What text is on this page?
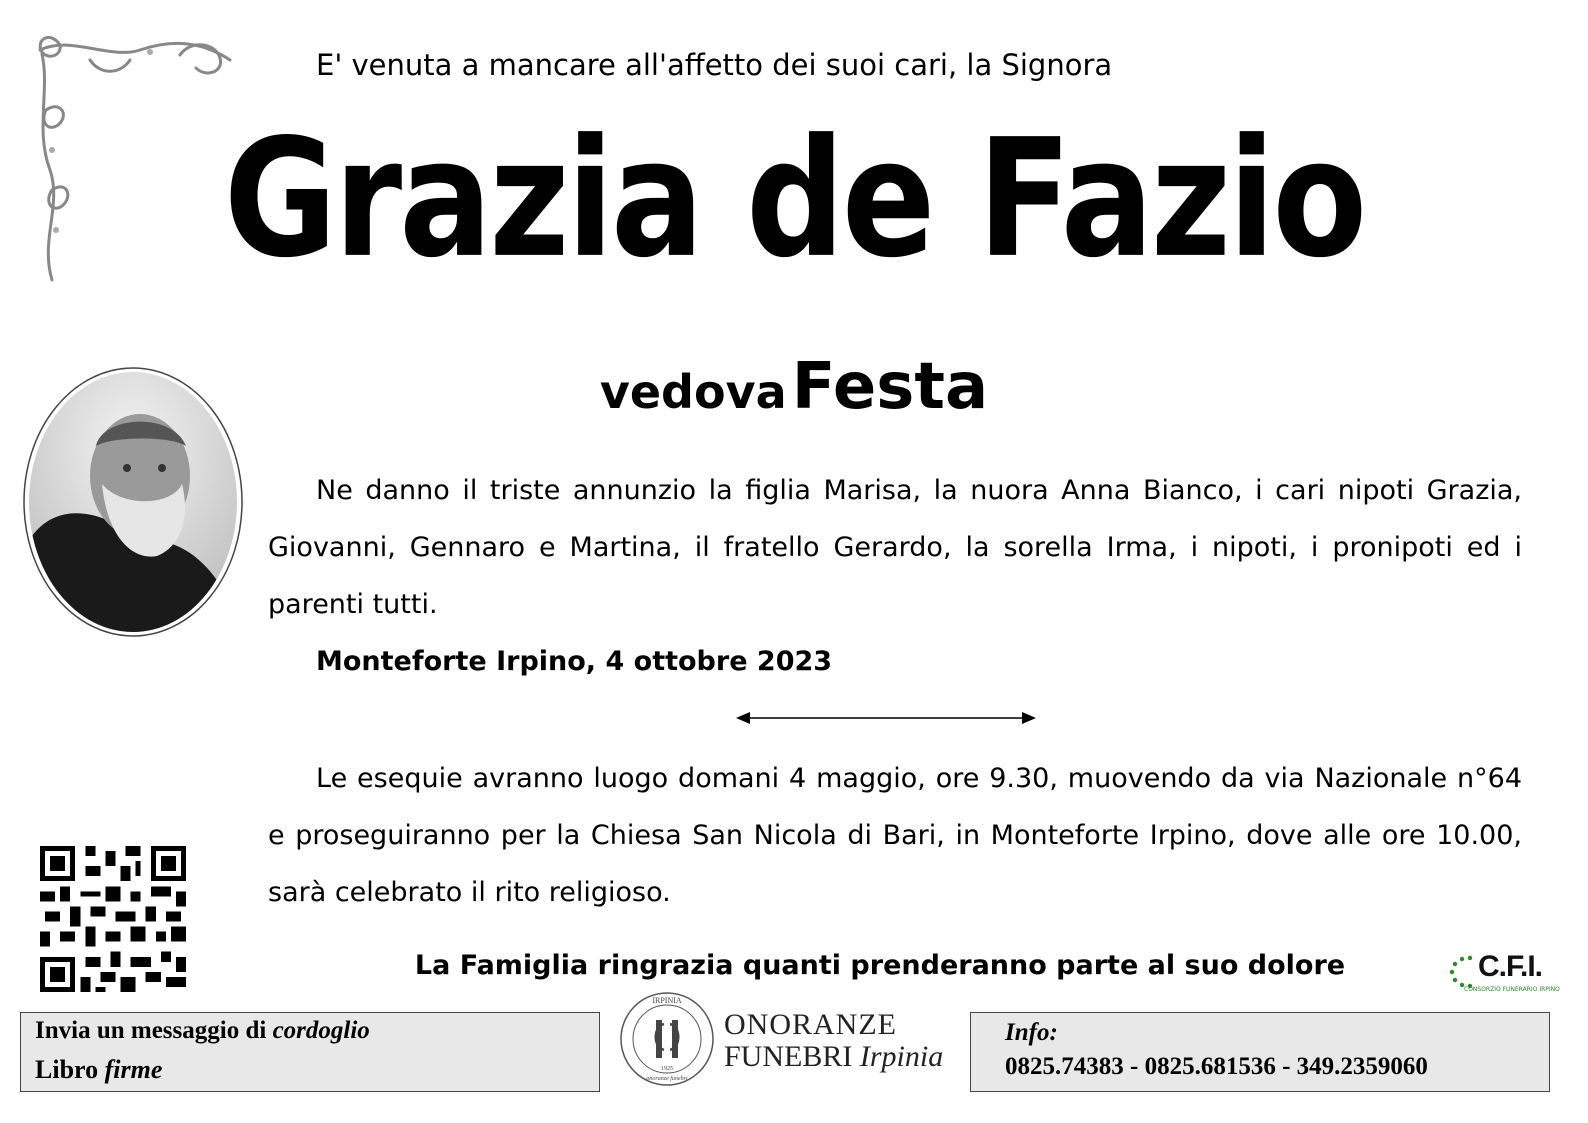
E' venuta a mancare all'affetto dei suoi cari, la Signora
Grazia de Fazio
vedova Festa
Ne danno il triste annunzio la figlia Marisa, la nuora Anna Bianco, i cari nipoti Grazia, Giovanni, Gennaro e Martina, il fratello Gerardo, la sorella Irma, i nipoti, i pronipoti ed i parenti tutti.
Monteforte Irpino, 4 ottobre 2023
Le esequie avranno luogo domani 4 maggio, ore 9.30, muovendo da via Nazionale n°64 e proseguiranno per la Chiesa San Nicola di Bari, in Monteforte Irpino, dove alle ore 10.00, sarà celebrato il rito religioso.
La Famiglia ringrazia quanti prenderanno parte al suo dolore	C.F.I.
CONSORZIO FUNERARIO IRPINO
Invia un messaggio di cordoglio
Libro firme
IRPINIA
1925
onoranze funebri
ONORANZE
FUNEBRI Irpinia
Info:
0825.74383 - 0825.681536 - 349.2359060
